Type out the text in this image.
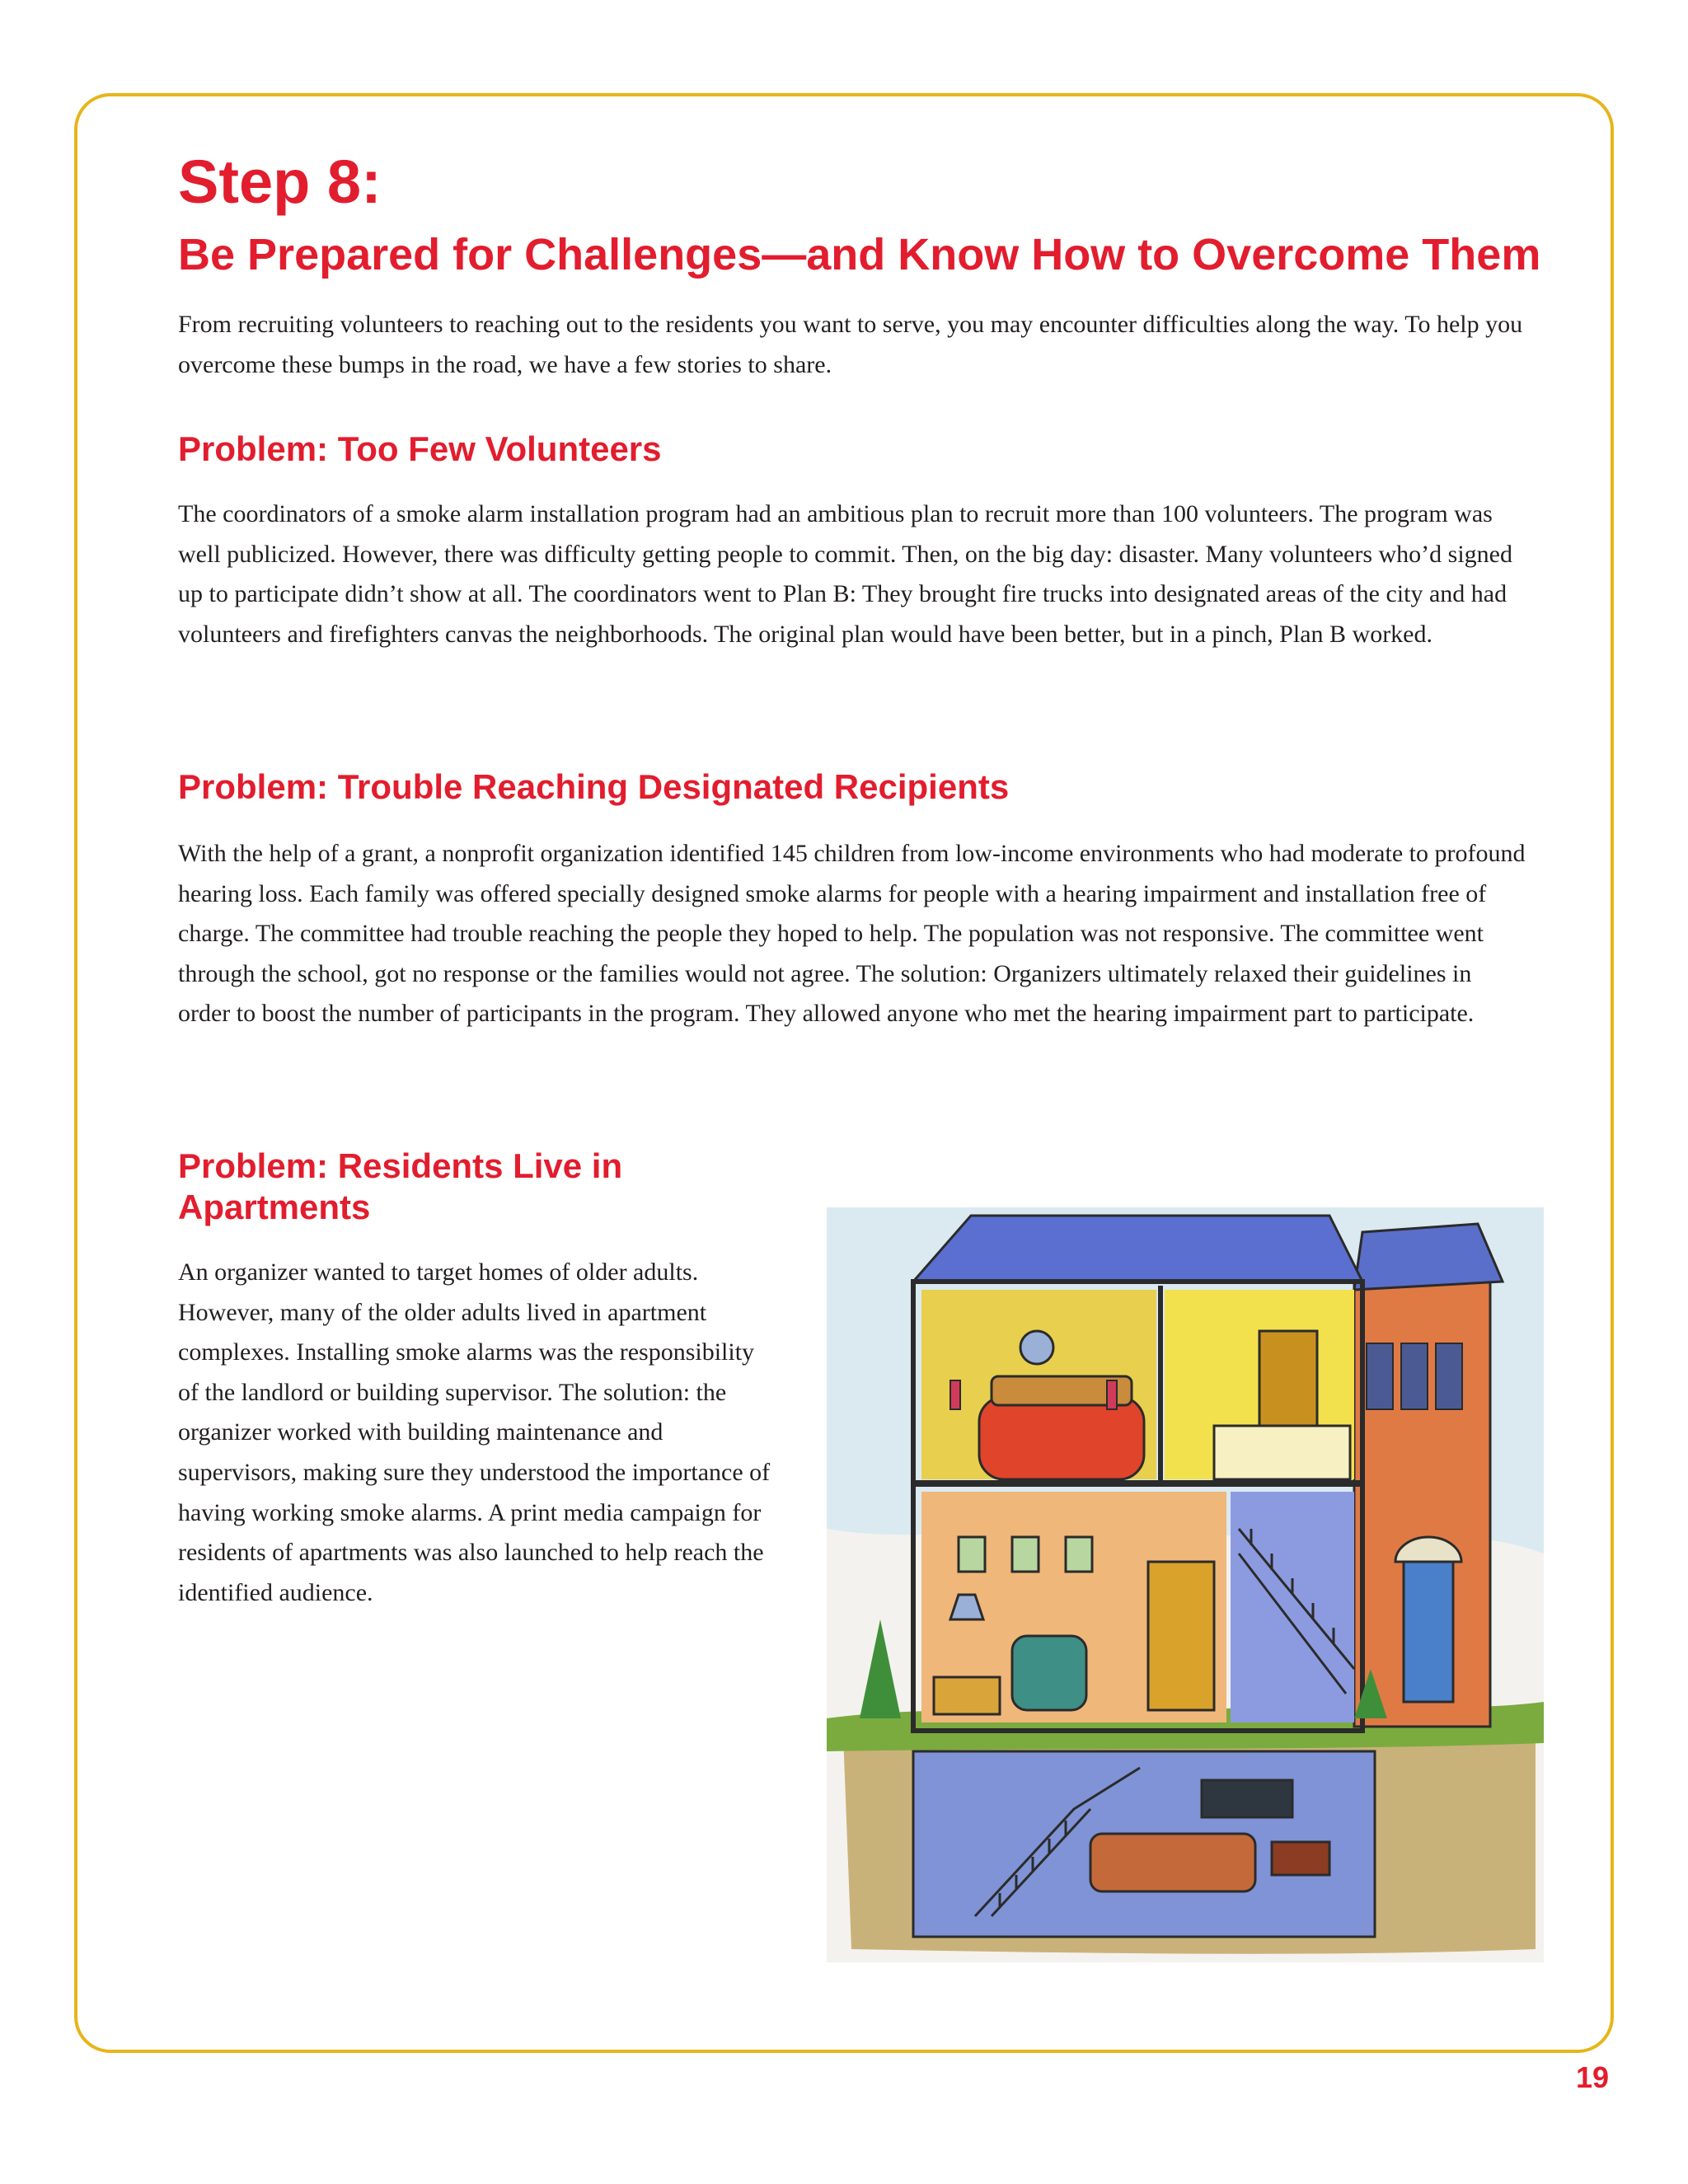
Step 8:
Be Prepared for Challenges—and Know How to Overcome Them

From recruiting volunteers to reaching out to the residents you want to serve, you may encounter difficulties along the way. To help you overcome these bumps in the road, we have a few stories to share.

Problem: Too Few Volunteers

The coordinators of a smoke alarm installation program had an ambitious plan to recruit more than 100 volunteers. The program was well publicized. However, there was difficulty getting people to commit. Then, on the big day: disaster. Many volunteers who’d signed up to participate didn’t show at all. The coordinators went to Plan B: They brought fire trucks into designated areas of the city and had volunteers and firefighters canvas the neighborhoods. The original plan would have been better, but in a pinch, Plan B worked.

Problem: Trouble Reaching Designated Recipients

With the help of a grant, a nonprofit organization identified 145 children from low-income environments who had moderate to profound hearing loss. Each family was offered specially designed smoke alarms for people with a hearing impairment and installation free of charge. The committee had trouble reaching the people they hoped to help. The population was not responsive. The committee went through the school, got no response or the families would not agree. The solution: Organizers ultimately relaxed their guidelines in order to boost the number of participants in the program. They allowed anyone who met the hearing impairment part to participate.

Problem: Residents Live in Apartments

An organizer wanted to target homes of older adults. However, many of the older adults lived in apartment complexes. Installing smoke alarms was the responsibility of the landlord or building supervisor. The solution: the organizer worked with building maintenance and supervisors, making sure they understood the importance of having working smoke alarms. A print media campaign for residents of apartments was also launched to help reach the identified audience.

19
